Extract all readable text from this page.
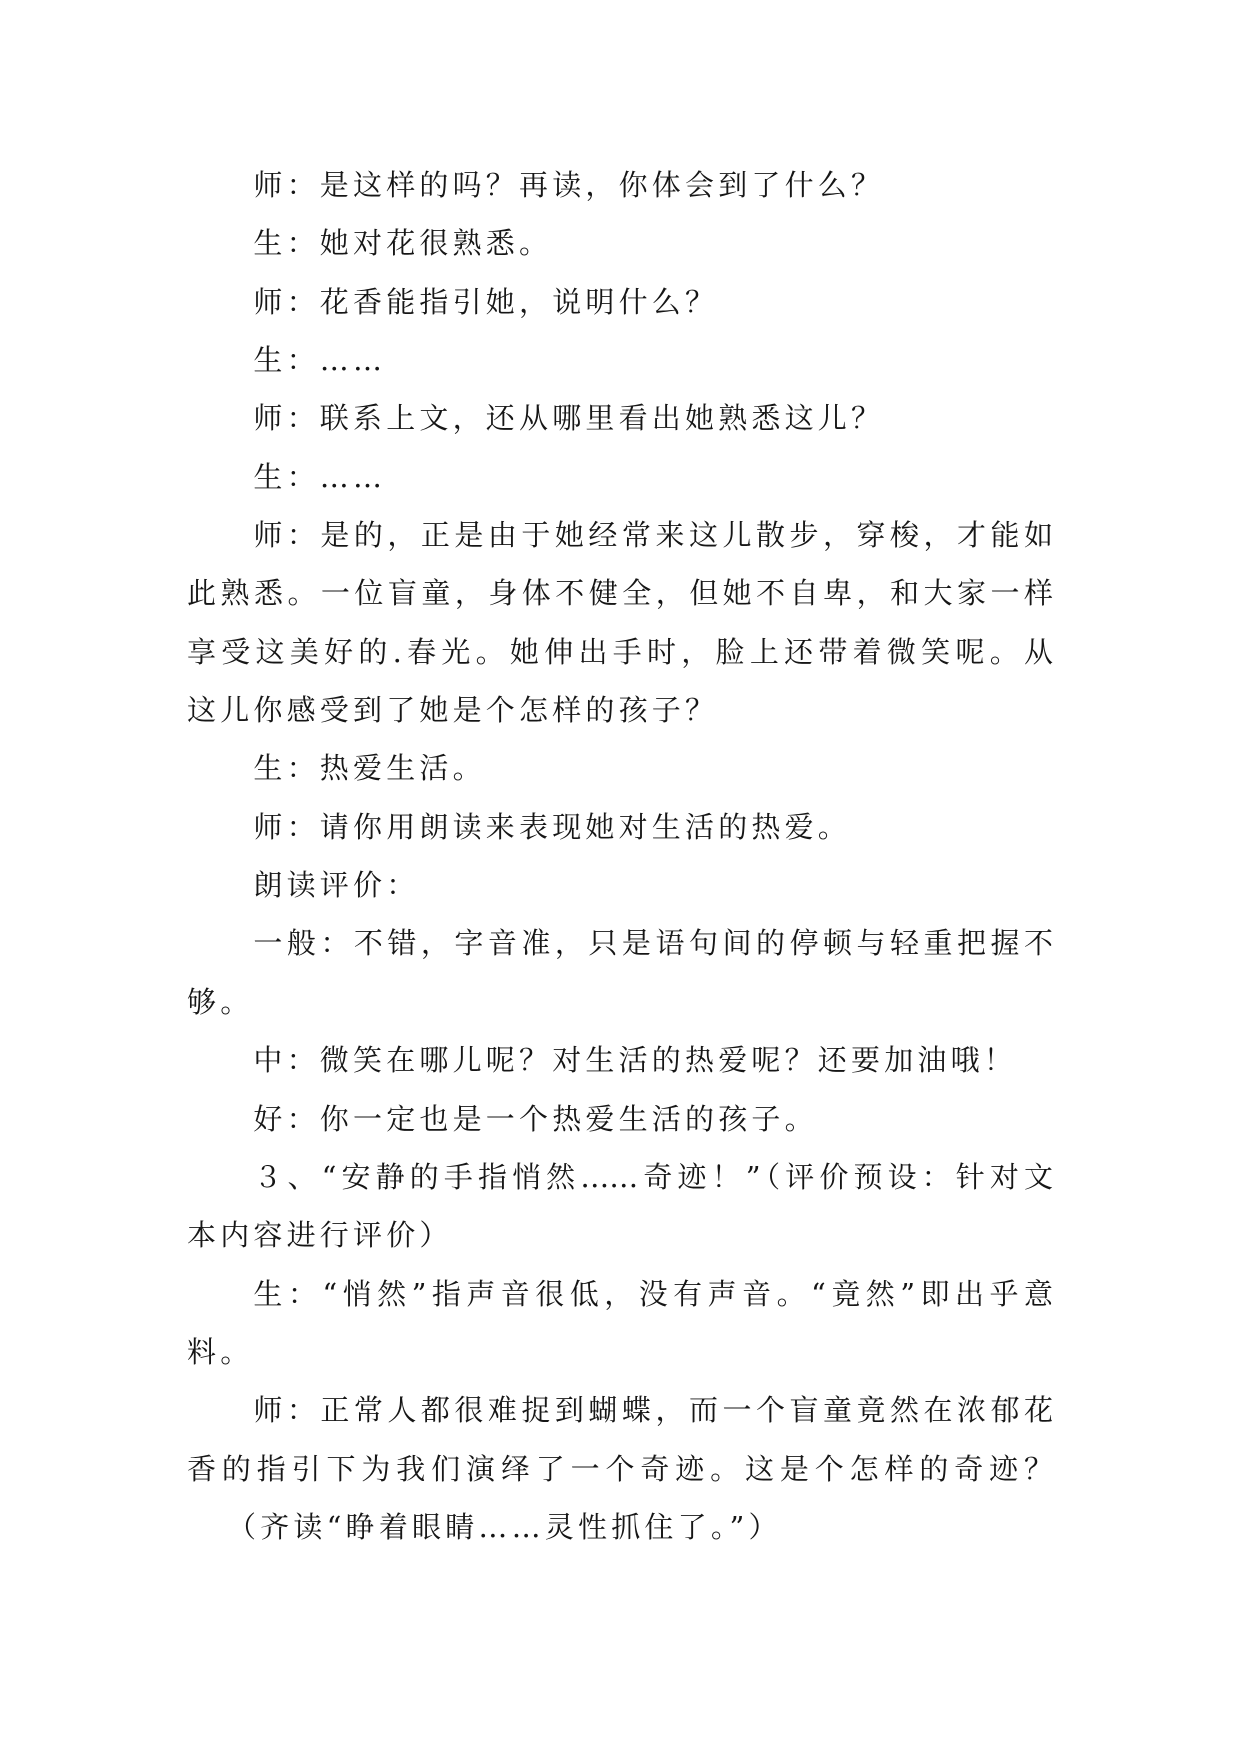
师：是这样的吗？再读，你体会到了什么？
生：她对花很熟悉。
师：花香能指引她，说明什么？
生：……
师：联系上文，还从哪里看出她熟悉这儿？
生：……
师：是的，正是由于她经常来这儿散步，穿梭，才能如
此熟悉。一位盲童，身体不健全，但她不自卑，和大家一样
享受这美好的.春光。她伸出手时，脸上还带着微笑呢。从
这儿你感受到了她是个怎样的孩子？
生：热爱生活。
师：请你用朗读来表现她对生活的热爱。
朗读评价：
一般：不错，字音准，只是语句间的停顿与轻重把握不
够。
中：微笑在哪儿呢？对生活的热爱呢？还要加油哦！
好：你一定也是一个热爱生活的孩子。
３、“安静的手指悄然……奇迹！”（评价预设：针对文
本内容进行评价）
生：“悄然”指声音很低，没有声音。“竟然”即出乎意
料。
师：正常人都很难捉到蝴蝶，而一个盲童竟然在浓郁花
香的指引下为我们演绎了一个奇迹。这是个怎样的奇迹？
（齐读“睁着眼睛……灵性抓住了。”）
